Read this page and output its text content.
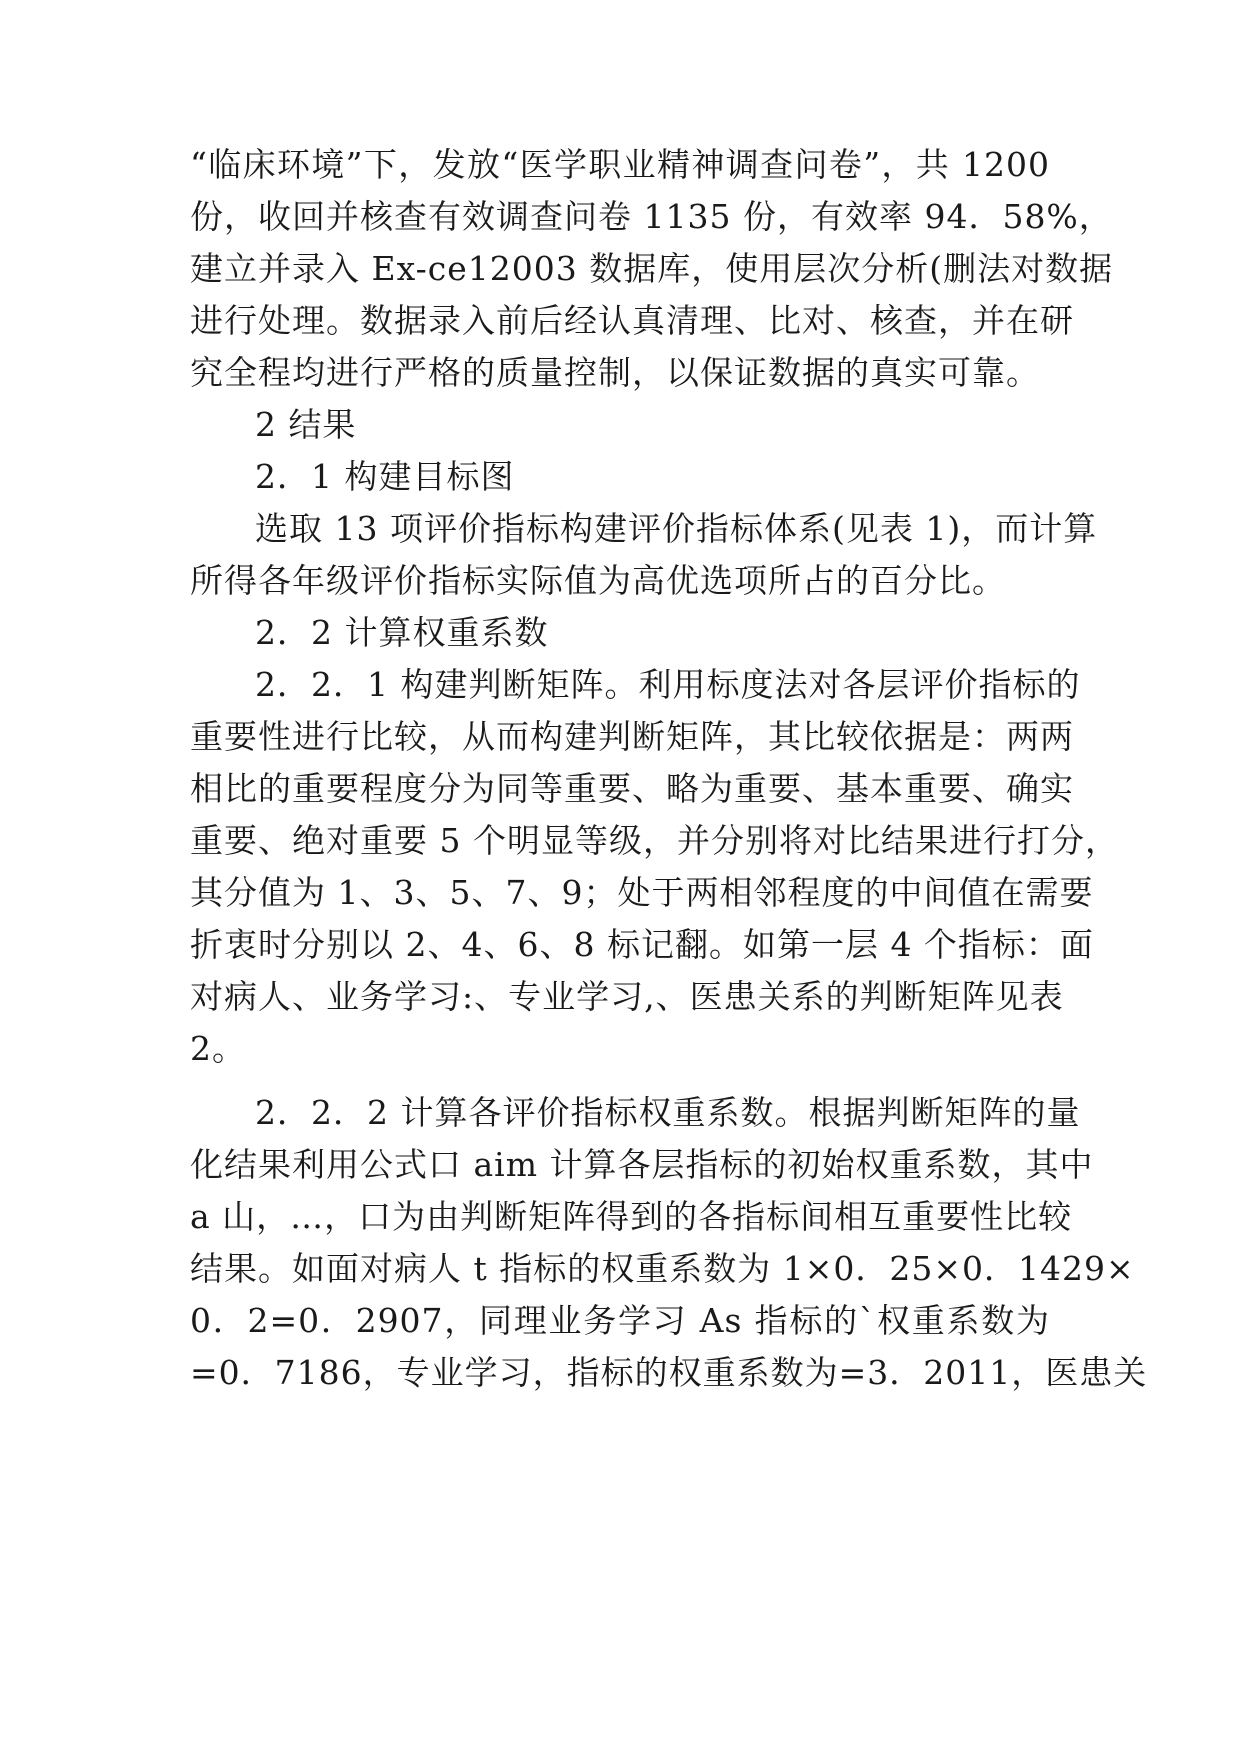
“临床环境”下，发放“医学职业精神调查问卷”，共 1200
份，收回并核查有效调查问卷 1135 份，有效率 94．58%，
建立并录入 Ex-ce12003 数据库，使用层次分析(删法对数据
进行处理。数据录入前后经认真清理、比对、核查，并在研
究全程均进行严格的质量控制，以保证数据的真实可靠。
2 结果
2．1 构建目标图
选取 13 项评价指标构建评价指标体系(见表 1)，而计算
所得各年级评价指标实际值为高优选项所占的百分比。
2．2 计算权重系数
2．2．1 构建判断矩阵。利用标度法对各层评价指标的
重要性进行比较，从而构建判断矩阵，其比较依据是：两两
相比的重要程度分为同等重要、略为重要、基本重要、确实
重要、绝对重要 5 个明显等级，并分别将对比结果进行打分，
其分值为 1、3、5、7、9；处于两相邻程度的中间值在需要
折衷时分别以 2、4、6、8 标记翻。如第一层 4 个指标：面
对病人、业务学习:、专业学习,、医患关系的判断矩阵见表
2。
2．2．2 计算各评价指标权重系数。根据判断矩阵的量
化结果利用公式口 aim 计算各层指标的初始权重系数，其中
a 山，…，口为由判断矩阵得到的各指标间相互重要性比较
结果。如面对病人 t 指标的权重系数为 1×0．25×0．1429×
0．2=0．2907，同理业务学习 As 指标的`权重系数为
=0．7186，专业学习，指标的权重系数为=3．2011，医患关
